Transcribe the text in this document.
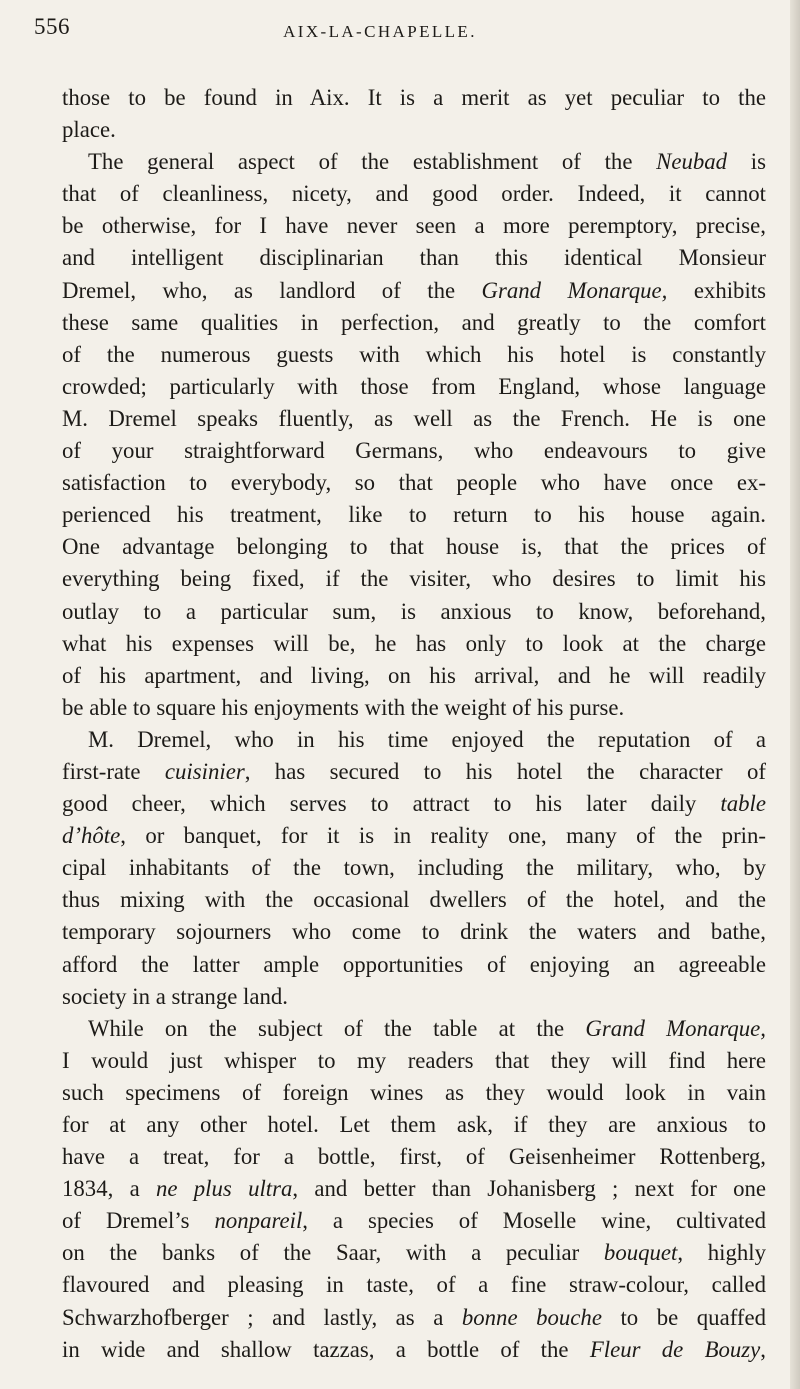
556	AIX-LA-CHAPELLE.
those to be found in Aix. It is a merit as yet peculiar to the
place.
The general aspect of the establishment of the Neubad is
that of cleanliness, nicety, and good order. Indeed, it cannot
be otherwise, for I have never seen a more peremptory, precise,
and intelligent disciplinarian than this identical Monsieur
Dremel, who, as landlord of the Grand Monarque, exhibits
these same qualities in perfection, and greatly to the comfort
of the numerous guests with which his hotel is constantly
crowded; particularly with those from England, whose language
M. Dremel speaks fluently, as well as the French. He is one
of your straightforward Germans, who endeavours to give
satisfaction to everybody, so that people who have once ex-
perienced his treatment, like to return to his house again.
One advantage belonging to that house is, that the prices of
everything being fixed, if the visiter, who desires to limit his
outlay to a particular sum, is anxious to know, beforehand,
what his expenses will be, he has only to look at the charge
of his apartment, and living, on his arrival, and he will readily
be able to square his enjoyments with the weight of his purse.
M. Dremel, who in his time enjoyed the reputation of a
first-rate cuisinier, has secured to his hotel the character of
good cheer, which serves to attract to his later daily table
d’hôte, or banquet, for it is in reality one, many of the prin-
cipal inhabitants of the town, including the military, who, by
thus mixing with the occasional dwellers of the hotel, and the
temporary sojourners who come to drink the waters and bathe,
afford the latter ample opportunities of enjoying an agreeable
society in a strange land.
While on the subject of the table at the Grand Monarque,
I would just whisper to my readers that they will find here
such specimens of foreign wines as they would look in vain
for at any other hotel. Let them ask, if they are anxious to
have a treat, for a bottle, first, of Geisenheimer Rottenberg,
1834, a ne plus ultra, and better than Johanisberg ; next for one
of Dremel’s nonpareil, a species of Moselle wine, cultivated
on the banks of the Saar, with a peculiar bouquet, highly
flavoured and pleasing in taste, of a fine straw-colour, called
Schwarzhofberger ; and lastly, as a bonne bouche to be quaffed
in wide and shallow tazzas, a bottle of the Fleur de Bouzy,
